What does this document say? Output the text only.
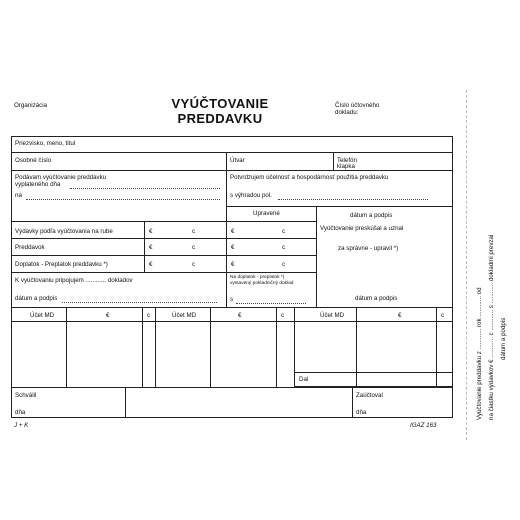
Organizácia	VYÚČTOVANIE
PREDDAVKU
Číslo účtovného
dokladu:
Priezvisko, meno, titul
Osobné číslo	Útvar	Telefón
klapka
Podávam vyúčtovanie preddavku
vyplateného dňa
na
Potvrdzujem účelnosť a hospodárnosť použitia preddavku
s výhradou pol.
Upravené	dátum a podpis
Výdavky podľa vyúčtovania na rube	€	c	€	c
Preddavok	€	c	€	c
Doplatok - Preplatok preddavku *)	€	c	€	c
Vyúčtovanie preskúšal a uznal
za správne - upravil *)
dátum a podpis
Na doplatok - preplatok *)
vystavený pokladničný doklad
s
K vyúčtovaniu pripojujem ............ dokladov
dátum a podpis
Účet MD	€	c	Účet MD	€	c	Účet MD	€	c
Dal
Schválil
dňa
Zaúčtoval
dňa
J + K	IGAZ 163
Vyúčtovanie preddavku z ............ rok ............ od na čiastku výdavkov € ............ c ............ s ............ dokladmi prevzal dátum a podpis
